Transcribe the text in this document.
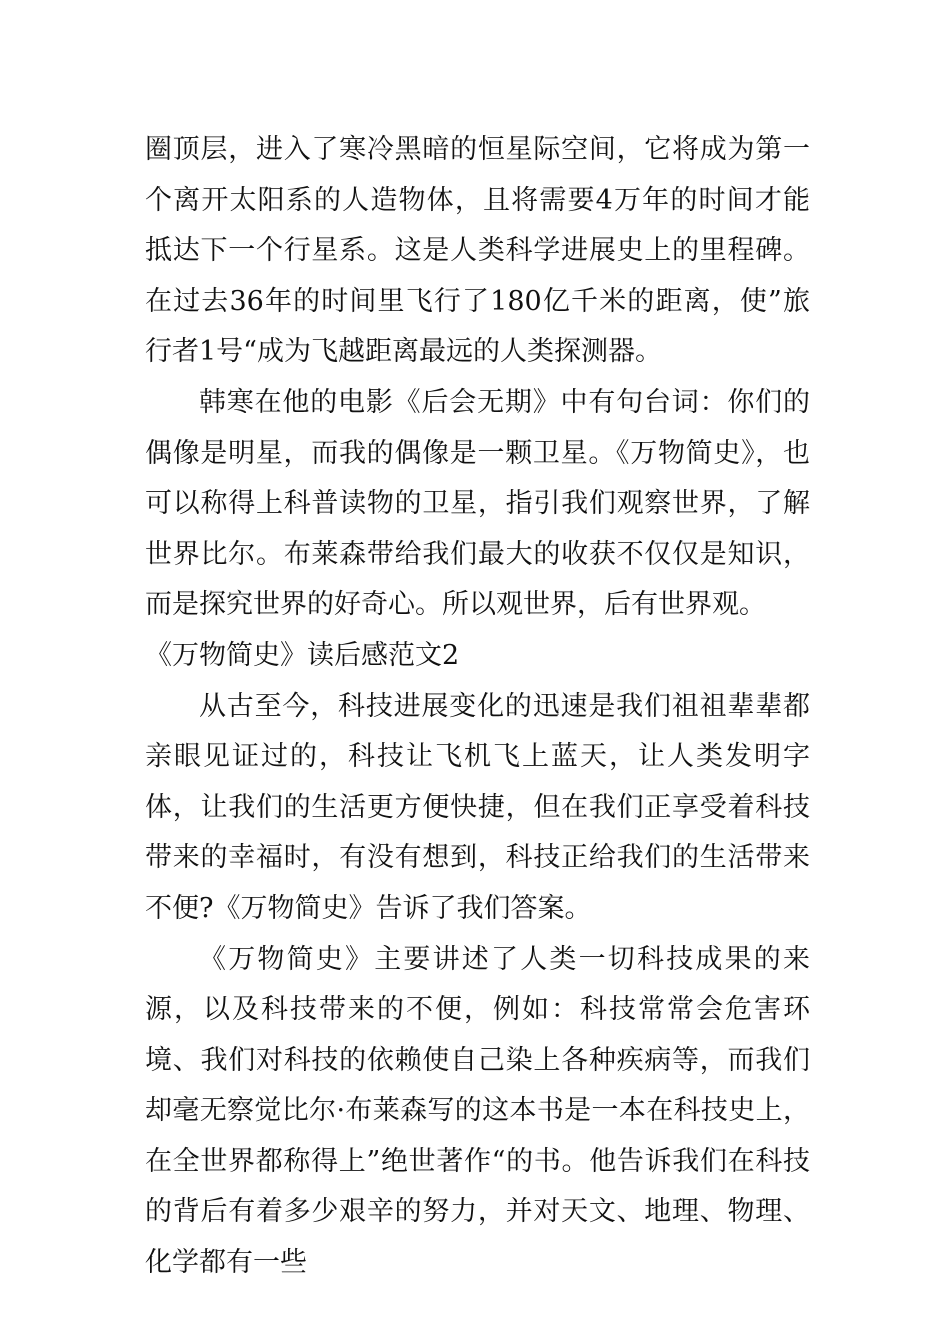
圈顶层，进入了寒冷黑暗的恒星际空间，它将成为第一个离开太阳系的人造物体，且将需要4万年的时间才能抵达下一个行星系。这是人类科学进展史上的里程碑。在过去36年的时间里飞行了180亿千米的距离，使”旅行者1号“成为飞越距离最远的人类探测器。

韩寒在他的电影《后会无期》中有句台词：你们的偶像是明星，而我的偶像是一颗卫星。《万物简史》，也可以称得上科普读物的卫星，指引我们观察世界，了解世界比尔。布莱森带给我们最大的收获不仅仅是知识，而是探究世界的好奇心。所以观世界，后有世界观。

《万物简史》读后感范文2

从古至今，科技进展变化的迅速是我们祖祖辈辈都亲眼见证过的，科技让飞机飞上蓝天，让人类发明字体，让我们的生活更方便快捷，但在我们正享受着科技带来的幸福时，有没有想到，科技正给我们的生活带来不便?《万物简史》告诉了我们答案。

《万物简史》主要讲述了人类一切科技成果的来源，以及科技带来的不便，例如：科技常常会危害环境、我们对科技的依赖使自己染上各种疾病等，而我们却毫无察觉比尔·布莱森写的这本书是一本在科技史上，在全世界都称得上”绝世著作“的书。他告诉我们在科技的背后有着多少艰辛的努力，并对天文、地理、物理、化学都有一些
